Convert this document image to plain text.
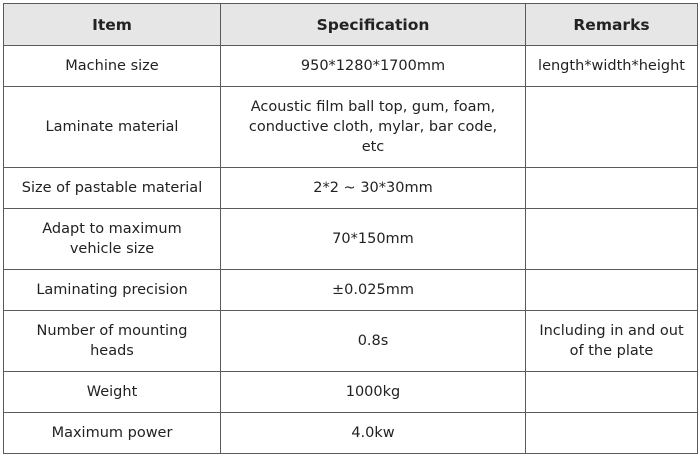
Item	Specification	Remarks
Machine size	950*1280*1700mm	length*width*height
Laminate material	Acoustic film ball top, gum, foam,
conductive cloth, mylar, bar code,
etc	
Size of pastable material	2*2 ~ 30*30mm	
Adapt to maximum
vehicle size	70*150mm	
Laminating precision	±0.025mm	
Number of mounting
heads	0.8s	Including in and out
of the plate
Weight	1000kg	
Maximum power	4.0kw	
